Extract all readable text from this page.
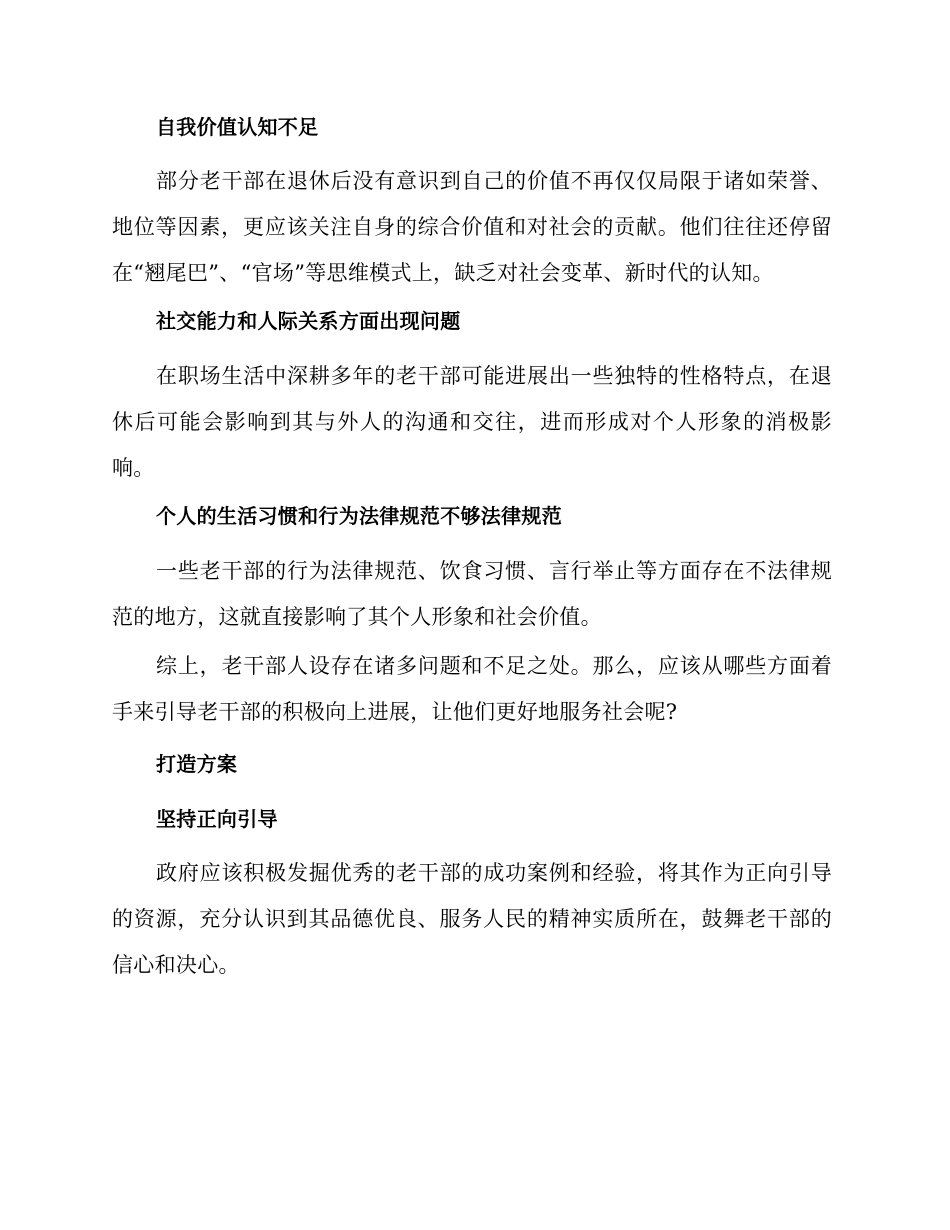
自我价值认知不足
部分老干部在退休后没有意识到自己的价值不再仅仅局限于诸如荣誉、地位等因素，更应该关注自身的综合价值和对社会的贡献。他们往往还停留在“翘尾巴”、“官场”等思维模式上，缺乏对社会变革、新时代的认知。
社交能力和人际关系方面出现问题
在职场生活中深耕多年的老干部可能进展出一些独特的性格特点，在退休后可能会影响到其与外人的沟通和交往，进而形成对个人形象的消极影响。
个人的生活习惯和行为法律规范不够法律规范
一些老干部的行为法律规范、饮食习惯、言行举止等方面存在不法律规范的地方，这就直接影响了其个人形象和社会价值。
综上，老干部人设存在诸多问题和不足之处。那么，应该从哪些方面着手来引导老干部的积极向上进展，让他们更好地服务社会呢?
打造方案
坚持正向引导
政府应该积极发掘优秀的老干部的成功案例和经验，将其作为正向引导的资源，充分认识到其品德优良、服务人民的精神实质所在，鼓舞老干部的信心和决心。
